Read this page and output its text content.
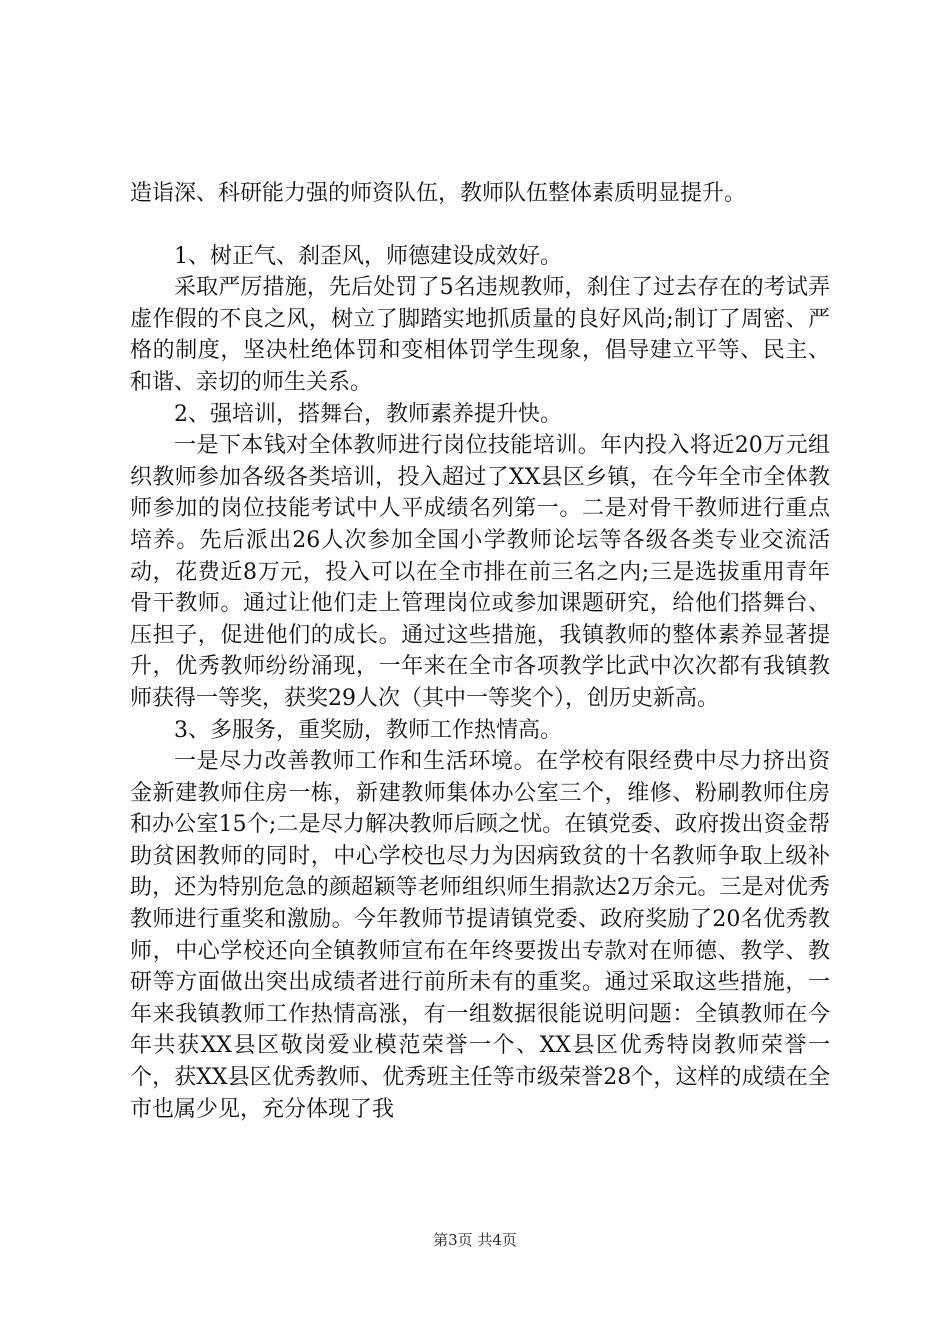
造诣深、科研能力强的师资队伍，教师队伍整体素质明显提升。

1、树正气、刹歪风，师德建设成效好。

采取严厉措施，先后处罚了5名违规教师，刹住了过去存在的考试弄虚作假的不良之风，树立了脚踏实地抓质量的良好风尚;制订了周密、严格的制度，坚决杜绝体罚和变相体罚学生现象，倡导建立平等、民主、和谐、亲切的师生关系。

2、强培训，搭舞台，教师素养提升快。

一是下本钱对全体教师进行岗位技能培训。年内投入将近20万元组织教师参加各级各类培训，投入超过了XX县区乡镇，在今年全市全体教师参加的岗位技能考试中人平成绩名列第一。二是对骨干教师进行重点培养。先后派出26人次参加全国小学教师论坛等各级各类专业交流活动，花费近8万元，投入可以在全市排在前三名之内;三是选拔重用青年骨干教师。通过让他们走上管理岗位或参加课题研究，给他们搭舞台、压担子，促进他们的成长。通过这些措施，我镇教师的整体素养显著提升，优秀教师纷纷涌现，一年来在全市各项教学比武中次次都有我镇教师获得一等奖，获奖29人次（其中一等奖个），创历史新高。

3、多服务，重奖励，教师工作热情高。

一是尽力改善教师工作和生活环境。在学校有限经费中尽力挤出资金新建教师住房一栋，新建教师集体办公室三个，维修、粉刷教师住房和办公室15个;二是尽力解决教师后顾之忧。在镇党委、政府拨出资金帮助贫困教师的同时，中心学校也尽力为因病致贫的十名教师争取上级补助，还为特别危急的颜超颖等老师组织师生捐款达2万余元。三是对优秀教师进行重奖和激励。今年教师节提请镇党委、政府奖励了20名优秀教师，中心学校还向全镇教师宣布在年终要拨出专款对在师德、教学、教研等方面做出突出成绩者进行前所未有的重奖。通过采取这些措施，一年来我镇教师工作热情高涨，有一组数据很能说明问题：全镇教师在今年共获XX县区敬岗爱业模范荣誉一个、XX县区优秀特岗教师荣誉一个，获XX县区优秀教师、优秀班主任等市级荣誉28个，这样的成绩在全市也属少见，充分体现了我

第3页 共4页
